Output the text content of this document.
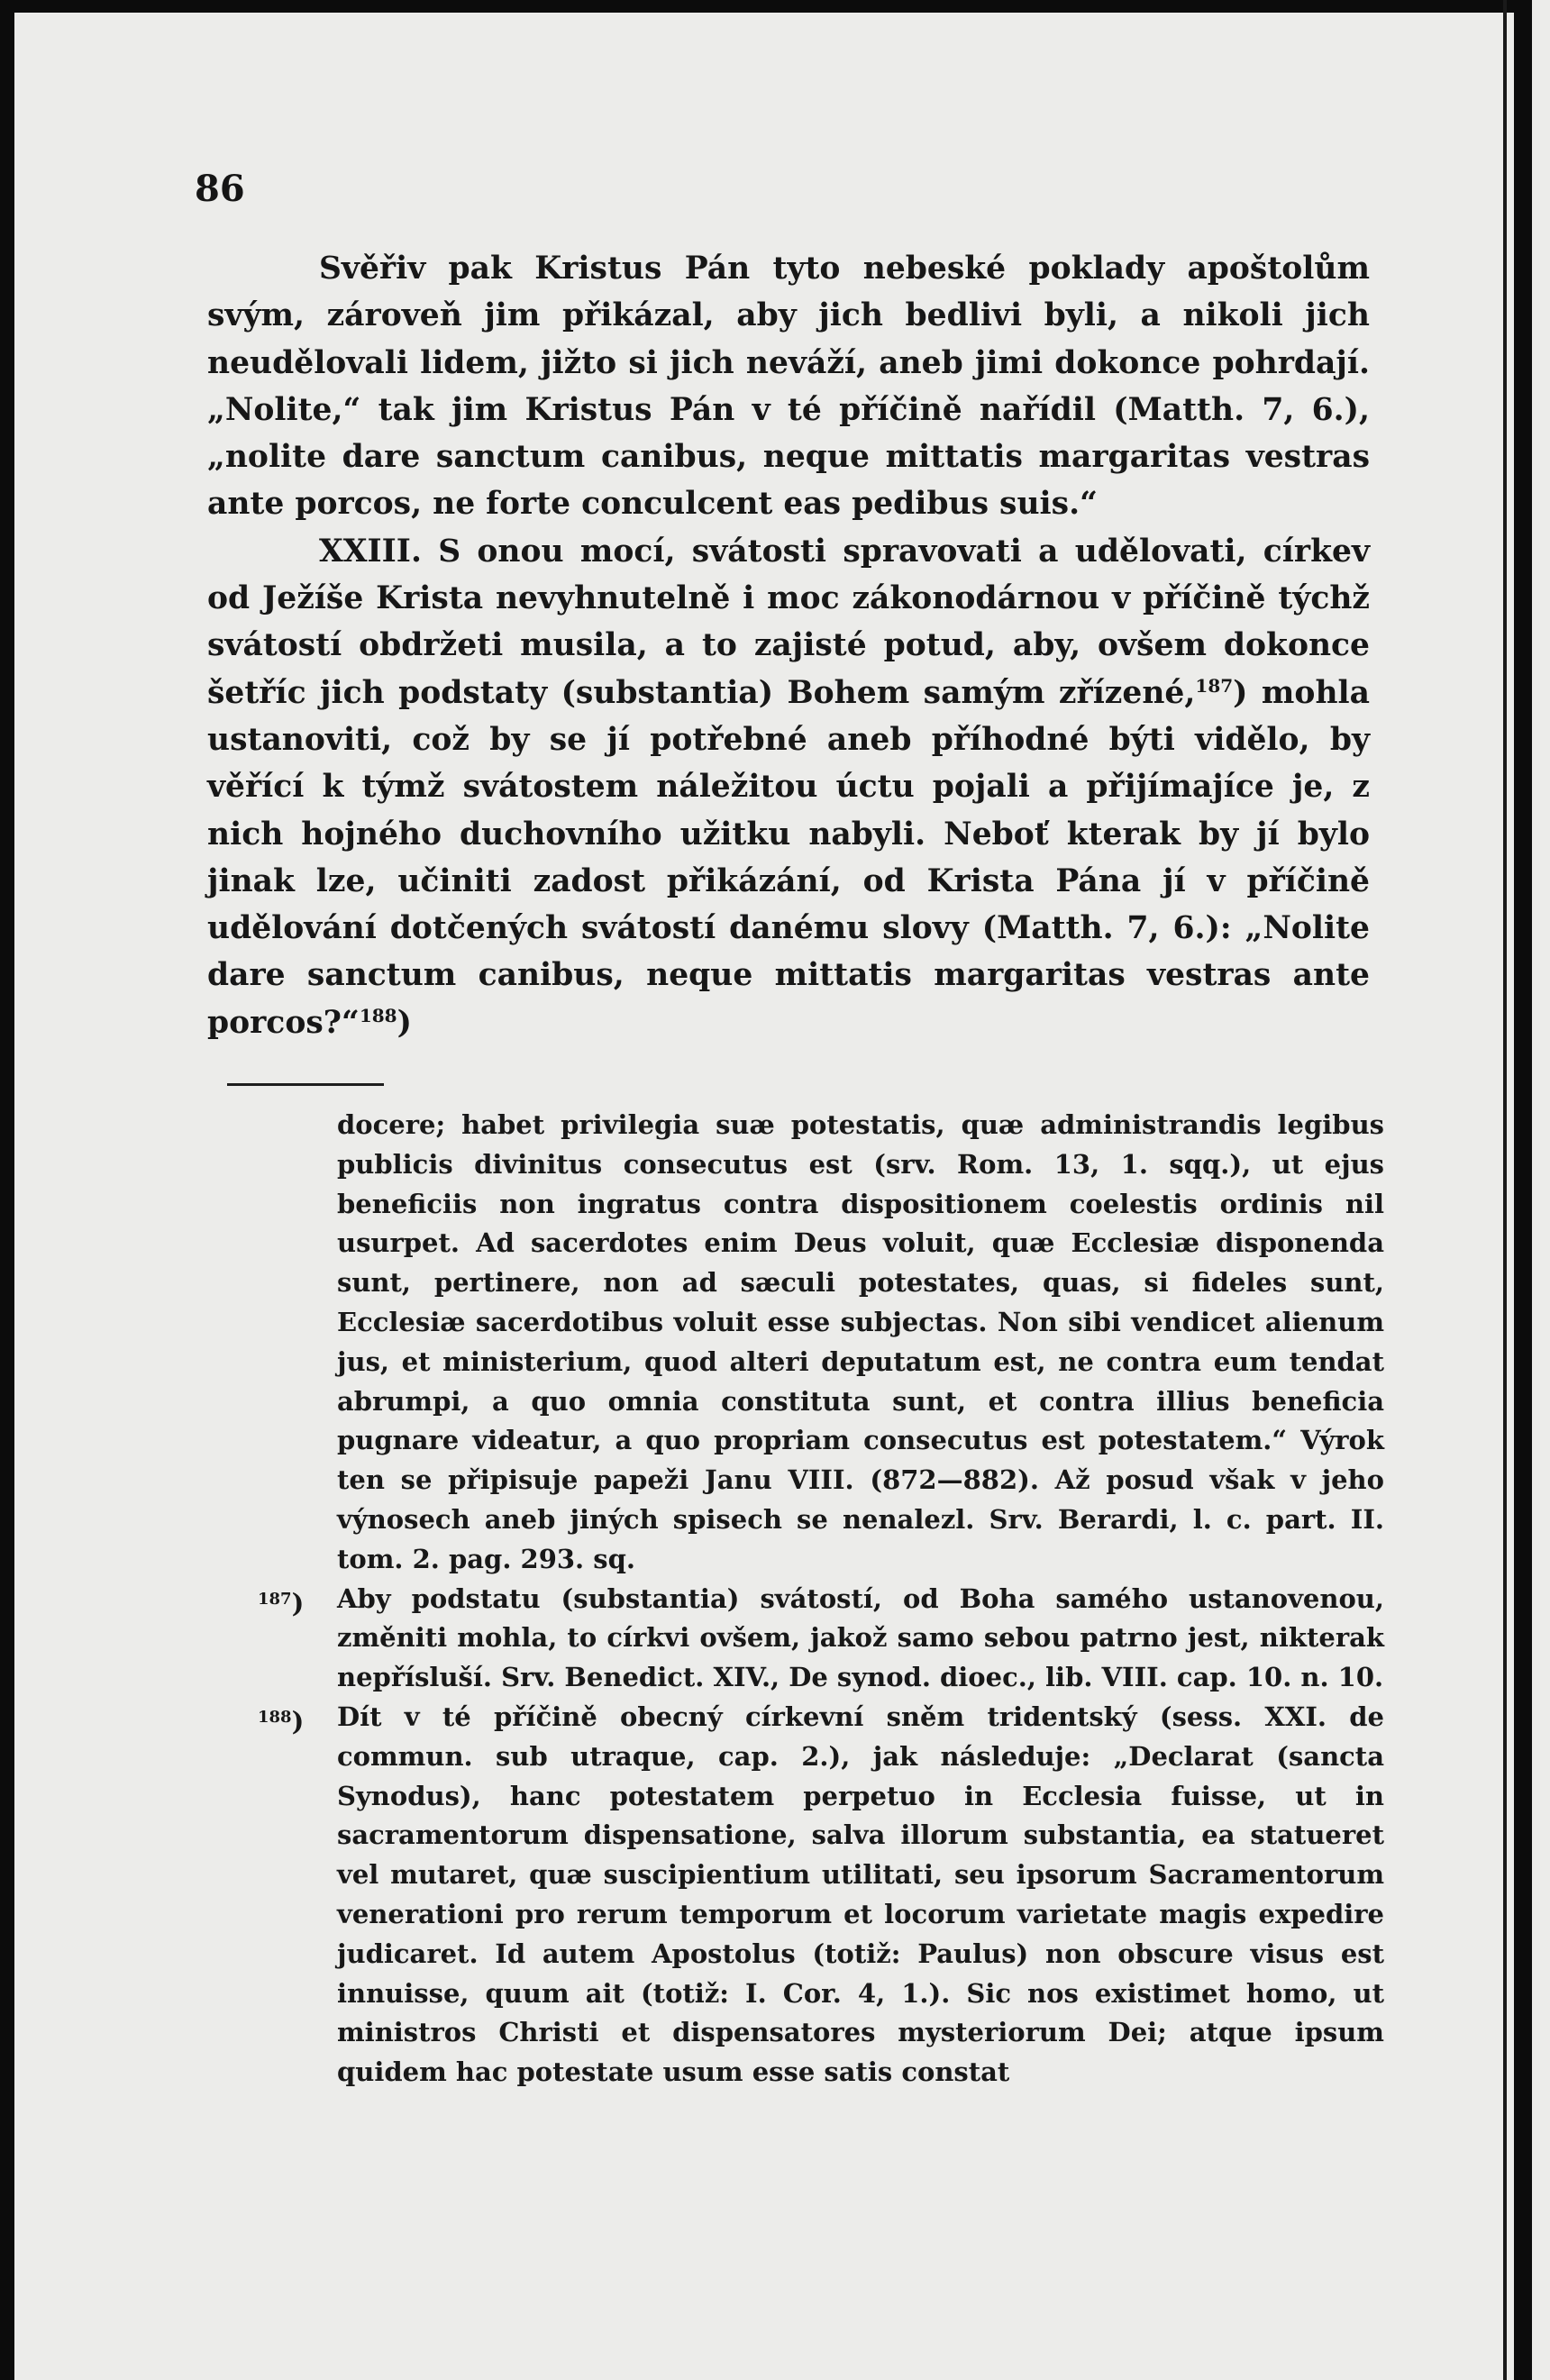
86

Svěřiv pak Kristus Pán tyto nebeské poklady apoštolům svým, zároveň jim přikázal, aby jich bedlivi byli, a nikoli jich neudělovali lidem, jižto si jich neváží, aneb jimi dokonce pohrdají. „Nolite,“ tak jim Kristus Pán v té příčině nařídil (Matth. 7, 6.), „nolite dare sanctum canibus, neque mittatis margaritas vestras ante porcos, ne forte conculcent eas pedibus suis.“

XXIII. S onou mocí, svátosti spravovati a udělovati, církev od Ježíše Krista nevyhnutelně i moc zákonodárnou v příčině týchž svátostí obdržeti musila, a to zajisté potud, aby, ovšem dokonce šetříc jich podstaty (substantia) Bohem samým zřízené,$^{187}$) mohla ustanoviti, což by se jí potřebné aneb příhodné býti vidělo, by věřící k týmž svátostem náležitou úctu pojali a přijímajíce je, z nich hojného duchovního užitku nabyli. Neboť kterak by jí bylo jinak lze, učiniti zadost přikázání, od Krista Pána jí v příčině udělování dotčených svátostí danému slovy (Matth. 7, 6.): „Nolite dare sanctum canibus, neque mittatis margaritas vestras ante porcos?“$^{188}$)

docere; habet privilegia suæ potestatis, quæ administrandis legibus publicis divinitus consecutus est (srv. Rom. 13, 1. sqq.), ut ejus beneficiis non ingratus contra dispositionem coelestis ordinis nil usurpet. Ad sacerdotes enim Deus voluit, quæ Ecclesiæ disponenda sunt, pertinere, non ad sæculi potestates, quas, si fideles sunt, Ecclesiæ sacerdotibus voluit esse subjectas. Non sibi vendicet alienum jus, et ministerium, quod alteri deputatum est, ne contra eum tendat abrumpi, a quo omnia constituta sunt, et contra illius beneficia pugnare videatur, a quo propriam consecutus est potestatem.“ Výrok ten se připisuje papeži Janu VIII. (872—882). Až posud však v jeho výnosech aneb jiných spisech se nenalezl. Srv. Berardi, l. c. part. II. tom. 2. pag. 293. sq.

$^{187}$) Aby podstatu (substantia) svátostí, od Boha samého ustanovenou, změniti mohla, to církvi ovšem, jakož samo sebou patrno jest, nikterak nepřísluší. Srv. Benedict. XIV., De synod. dioec., lib. VIII. cap. 10. n. 10.

$^{188}$) Dít v té příčině obecný církevní sněm tridentský (sess. XXI. de commun. sub utraque, cap. 2.), jak následuje: „Declarat (sancta Synodus), hanc potestatem perpetuo in Ecclesia fuisse, ut in sacramentorum dispensatione, salva illorum substantia, ea statueret vel mutaret, quæ suscipientium utilitati, seu ipsorum Sacramentorum venerationi pro rerum temporum et locorum varietate magis expedire judicaret. Id autem Apostolus (totiž: Paulus) non obscure visus est innuisse, quum ait (totiž: I. Cor. 4, 1.). Sic nos existimet homo, ut ministros Christi et dispensatores mysteriorum Dei; atque ipsum quidem hac potestate usum esse satis constat
